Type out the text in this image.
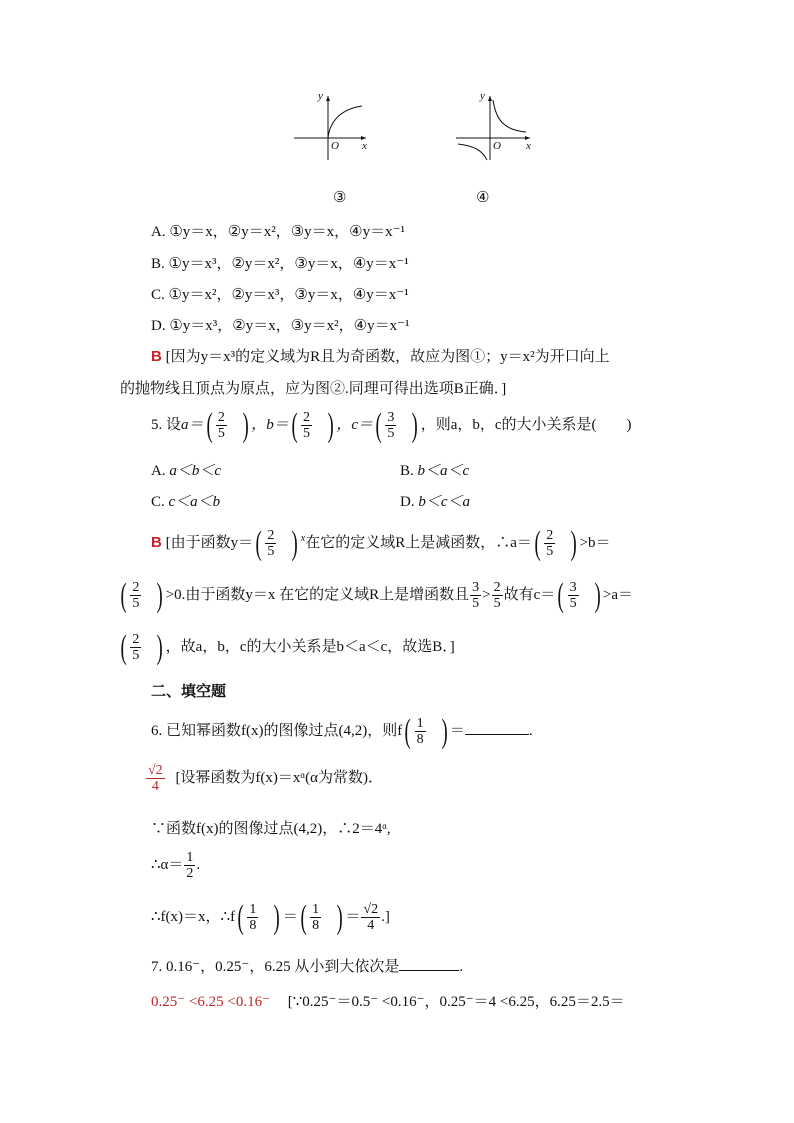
y
x
O
③
y
x
O
④
A. ①y＝x，②y＝x²，③y＝x，④y＝x⁻¹
B. ①y＝x³，②y＝x²，③y＝x，④y＝x⁻¹
C. ①y＝x²，②y＝x³，③y＝x，④y＝x⁻¹
D. ①y＝x³，②y＝x，③y＝x²，④y＝x⁻¹
B [因为y＝x³的定义域为R且为奇函数，故应为图①；y＝x²为开口向上
的抛物线且顶点为原点，应为图②.同理可得出选项B正确．]
5. 设$a=( \frac{2}{5}$ ) ，$b=( \frac{2}{5}$ ) ，$c=( \frac{3}{5}$ ) ，则a，b，c的大小关系是(　　)
A. a＜b＜c	B. b＜a＜c
C. c＜a＜b	D. b＜c＜a
B [由于函数$y=( \frac{2}{5}$ ) $^x$在它的定义域R上是减函数，∴a＝( $\frac{2}{5}$ ) >b＝
( $\frac{2}{5}$ ) >0.由于函数y＝x 在它的定义域R上是增函数且 $\frac{3}{5} > \frac{2}{5}$ 故有$c=( \frac{3}{5}$ ) >a＝
( $\frac{2}{5}$ ) ，故a，b，c的大小关系是b＜a＜c，故选B．]
二、填空题
6. 已知幂函数f(x)的图像过点(4,2)，则$f( \frac{1}{8}$ ) ＝	.
$\frac{√2}{4}$ [设幂函数为f(x)＝xᵅ(α为常数)．
∵函数f(x)的图像过点(4,2)，∴2＝4ᵅ,
∴α＝ $\frac{1}{2}$ .
∴f(x)＝x，∴f( $\frac{1}{8}$ ) ＝( $\frac{1}{8}$ ) ＝ $\frac{√2}{4}$ .]
7. 0.16⁻，0.25⁻，6.25 从小到大依次是	.
0.25⁻ <6.25 <0.16⁻ [∵0.25⁻＝0.5⁻ <0.16⁻，0.25⁻＝4 <6.25，6.25＝2.5＝
